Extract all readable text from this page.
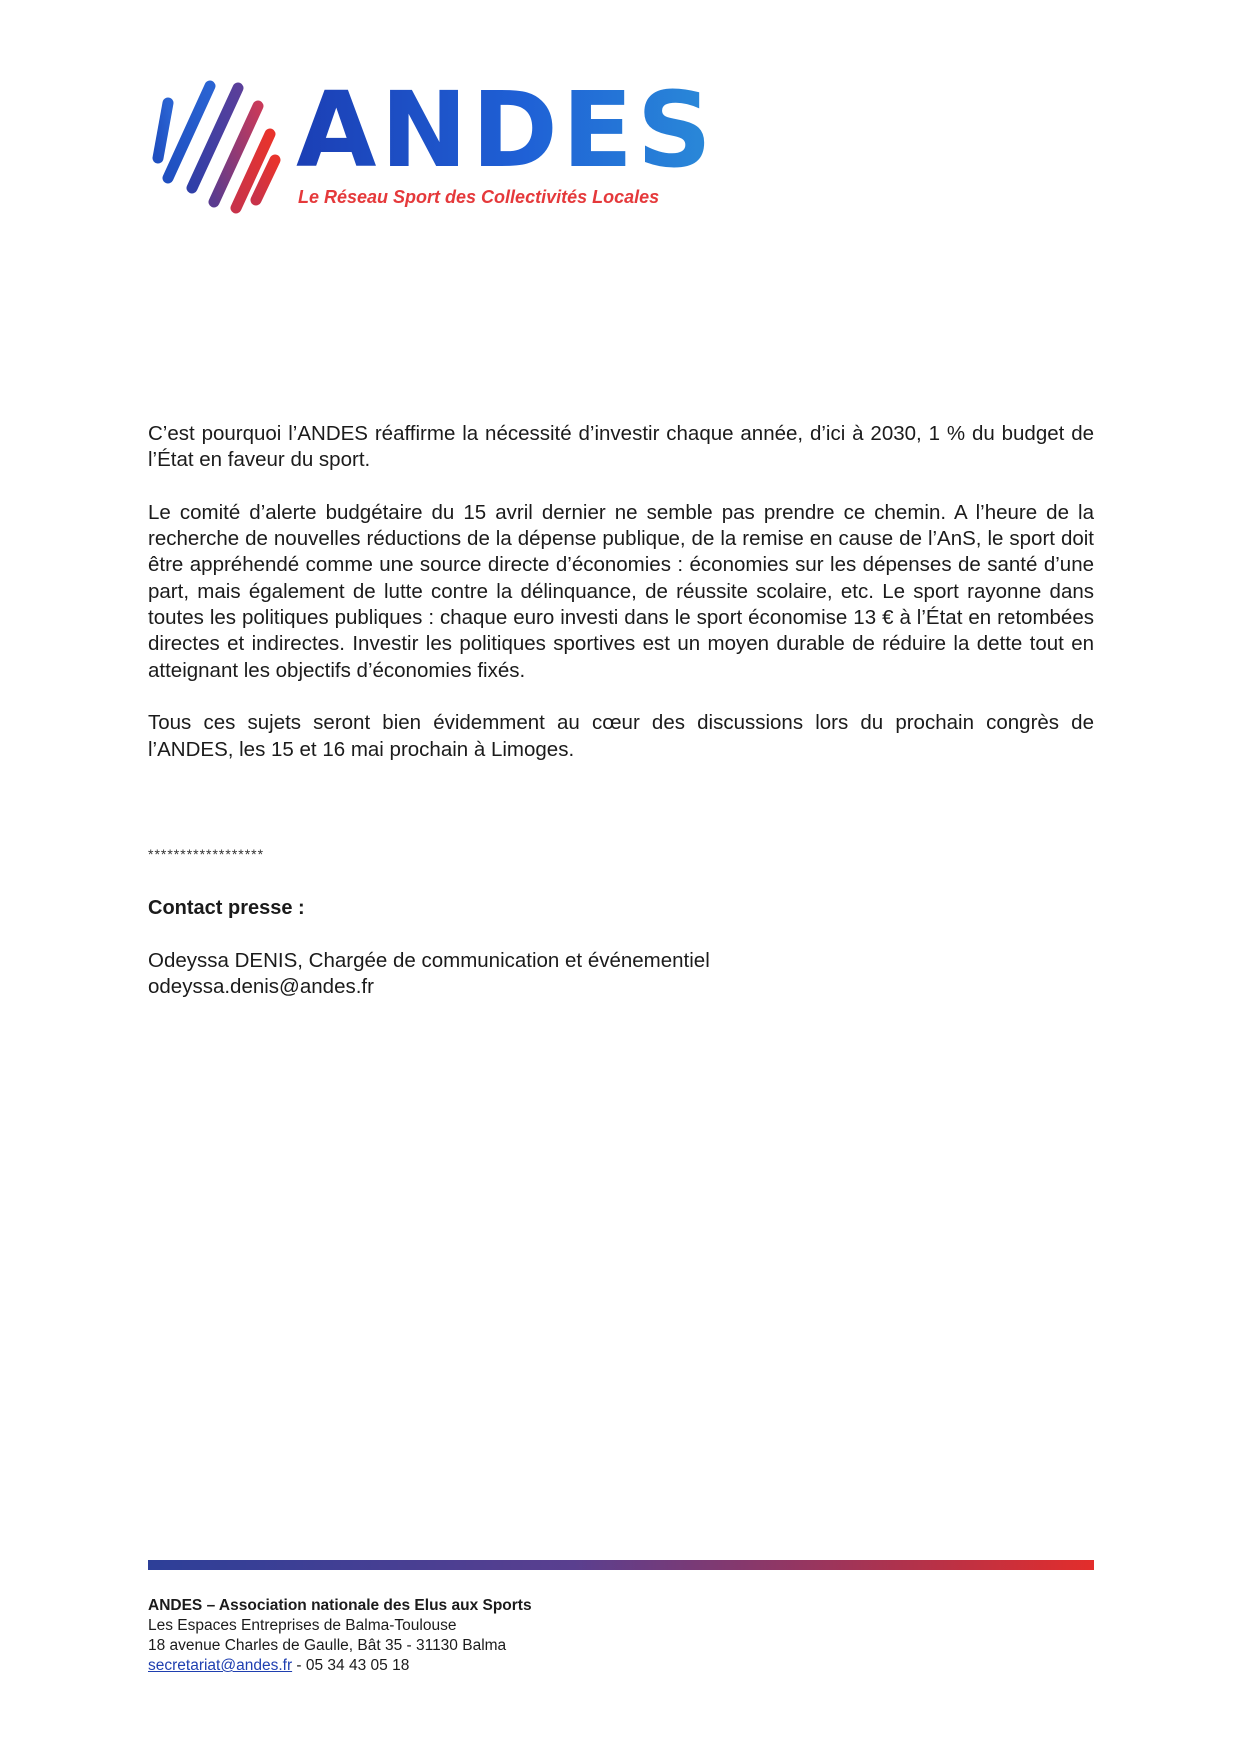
ANDES
Le Réseau Sport des Collectivités Locales

C’est pourquoi l’ANDES réaffirme la nécessité d’investir chaque année, d’ici à 2030, 1 % du budget de l’État en faveur du sport.

Le comité d’alerte budgétaire du 15 avril dernier ne semble pas prendre ce chemin. A l’heure de la recherche de nouvelles réductions de la dépense publique, de la remise en cause de l’AnS, le sport doit être appréhendé comme une source directe d’économies : économies sur les dépenses de santé d’une part, mais également de lutte contre la délinquance, de réussite scolaire, etc. Le sport rayonne dans toutes les politiques publiques : chaque euro investi dans le sport économise 13 € à l’État en retombées directes et indirectes. Investir les politiques sportives est un moyen durable de réduire la dette tout en atteignant les objectifs d’économies fixés.

Tous ces sujets seront bien évidemment au cœur des discussions lors du prochain congrès de l’ANDES, les 15 et 16 mai prochain à Limoges.

******************
Contact presse :
Odeyssa DENIS, Chargée de communication et événementiel
odeyssa.denis@andes.fr
ANDES – Association nationale des Elus aux Sports
Les Espaces Entreprises de Balma-Toulouse
18 avenue Charles de Gaulle, Bât 35 - 31130 Balma
secretariat@andes.fr - 05 34 43 05 18
